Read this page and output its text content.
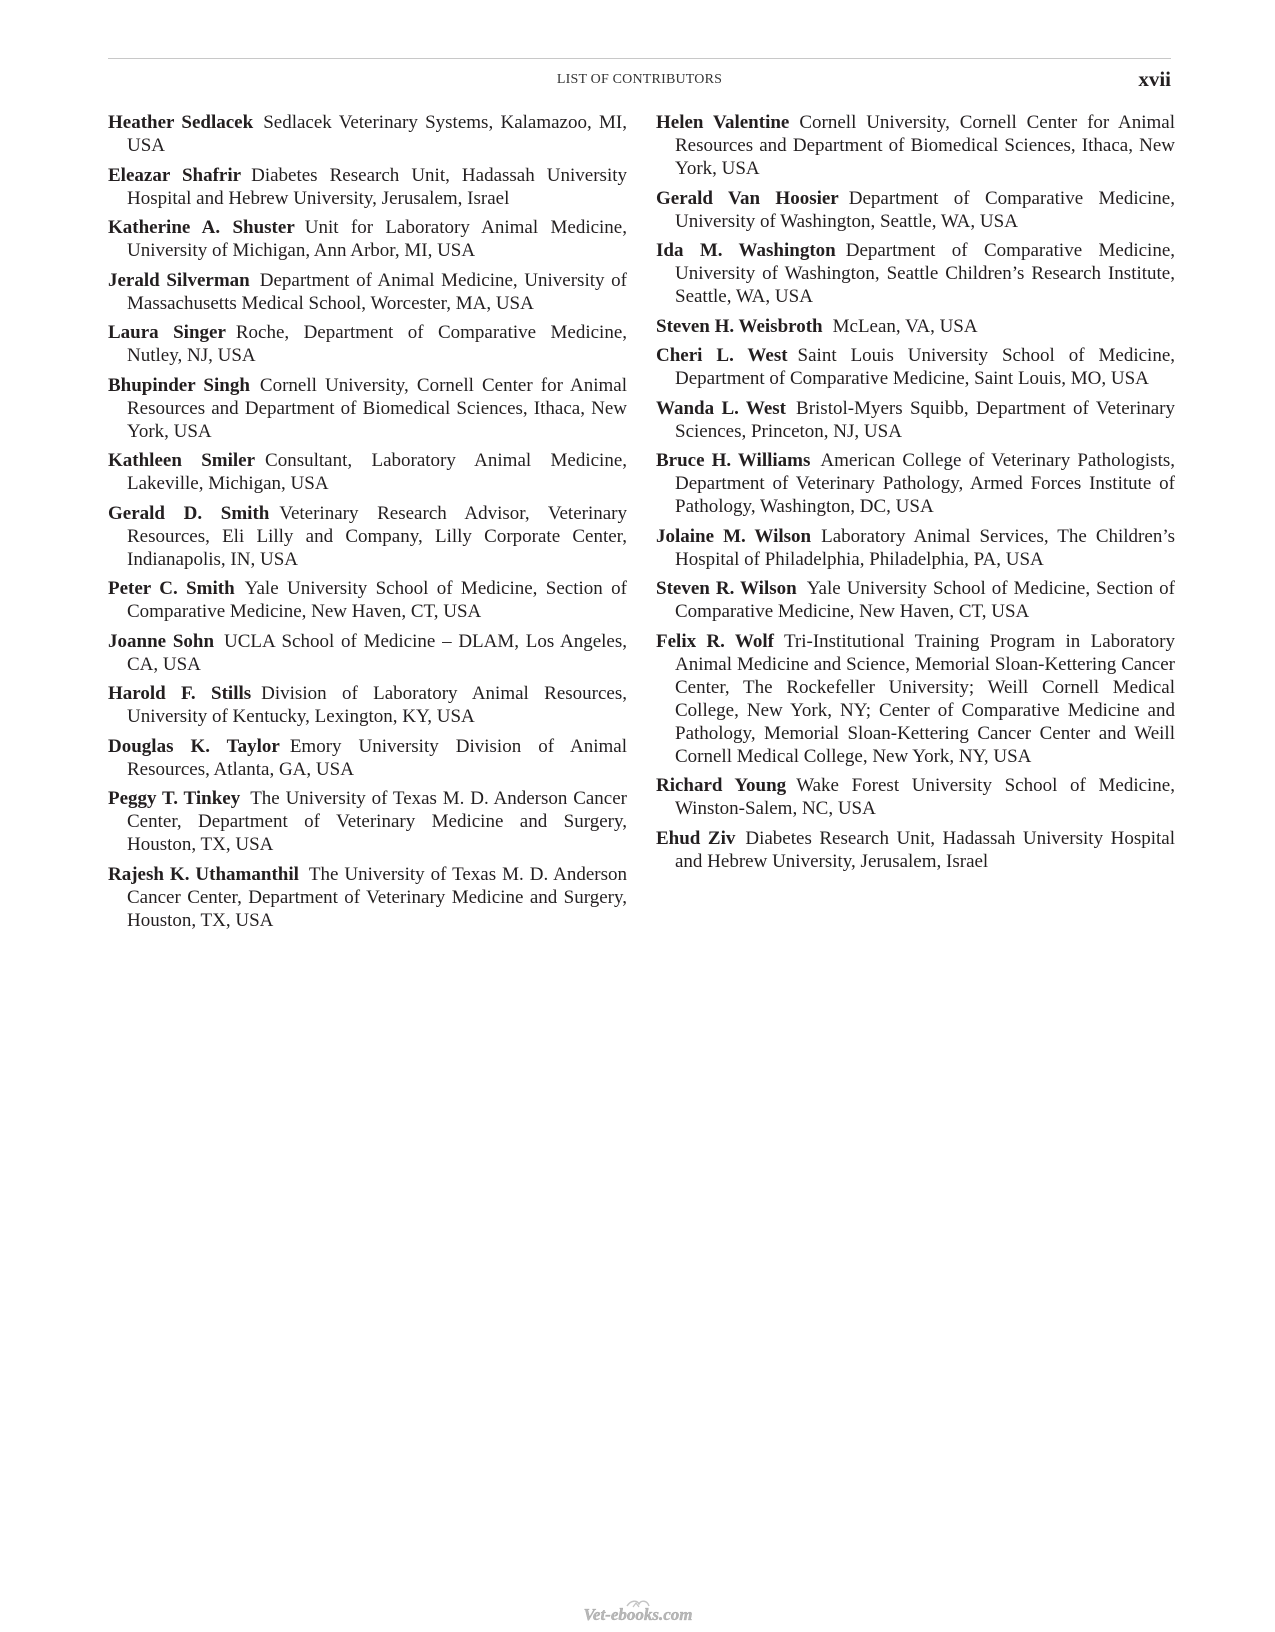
LIST OF CONTRIBUTORS	xvii

Heather Sedlacek Sedlacek Veterinary Systems, Kalamazoo, MI, USA

Eleazar Shafrir Diabetes Research Unit, Hadassah University Hospital and Hebrew University, Jerusalem, Israel

Katherine A. Shuster Unit for Laboratory Animal Medicine, University of Michigan, Ann Arbor, MI, USA

Jerald Silverman Department of Animal Medicine, University of Massachusetts Medical School, Worcester, MA, USA

Laura Singer Roche, Department of Comparative Medicine, Nutley, NJ, USA

Bhupinder Singh Cornell University, Cornell Center for Animal Resources and Department of Biomedical Sciences, Ithaca, New York, USA

Kathleen Smiler Consultant, Laboratory Animal Medicine, Lakeville, Michigan, USA

Gerald D. Smith Veterinary Research Advisor, Veterinary Resources, Eli Lilly and Company, Lilly Corporate Center, Indianapolis, IN, USA

Peter C. Smith Yale University School of Medicine, Section of Comparative Medicine, New Haven, CT, USA

Joanne Sohn UCLA School of Medicine – DLAM, Los Angeles, CA, USA

Harold F. Stills Division of Laboratory Animal Resources, University of Kentucky, Lexington, KY, USA

Douglas K. Taylor Emory University Division of Animal Resources, Atlanta, GA, USA

Peggy T. Tinkey The University of Texas M. D. Anderson Cancer Center, Department of Veterinary Medicine and Surgery, Houston, TX, USA

Rajesh K. Uthamanthil The University of Texas M. D. Anderson Cancer Center, Department of Veterinary Medicine and Surgery, Houston, TX, USA

Helen Valentine Cornell University, Cornell Center for Animal Resources and Department of Biomedical Sciences, Ithaca, New York, USA

Gerald Van Hoosier Department of Comparative Medicine, University of Washington, Seattle, WA, USA

Ida M. Washington Department of Comparative Medicine, University of Washington, Seattle Children’s Research Institute, Seattle, WA, USA

Steven H. Weisbroth McLean, VA, USA

Cheri L. West Saint Louis University School of Medicine, Department of Comparative Medicine, Saint Louis, MO, USA

Wanda L. West Bristol-Myers Squibb, Department of Veterinary Sciences, Princeton, NJ, USA

Bruce H. Williams American College of Veterinary Pathologists, Department of Veterinary Pathology, Armed Forces Institute of Pathology, Washington, DC, USA

Jolaine M. Wilson Laboratory Animal Services, The Children’s Hospital of Philadelphia, Philadelphia, PA, USA

Steven R. Wilson Yale University School of Medicine, Section of Comparative Medicine, New Haven, CT, USA

Felix R. Wolf Tri-Institutional Training Program in Laboratory Animal Medicine and Science, Memorial Sloan-Kettering Cancer Center, The Rockefeller University; Weill Cornell Medical College, New York, NY; Center of Comparative Medicine and Pathology, Memorial Sloan-Kettering Cancer Center and Weill Cornell Medical College, New York, NY, USA

Richard Young Wake Forest University School of Medicine, Winston-Salem, NC, USA

Ehud Ziv Diabetes Research Unit, Hadassah University Hospital and Hebrew University, Jerusalem, Israel

Vet-ebooks.com
